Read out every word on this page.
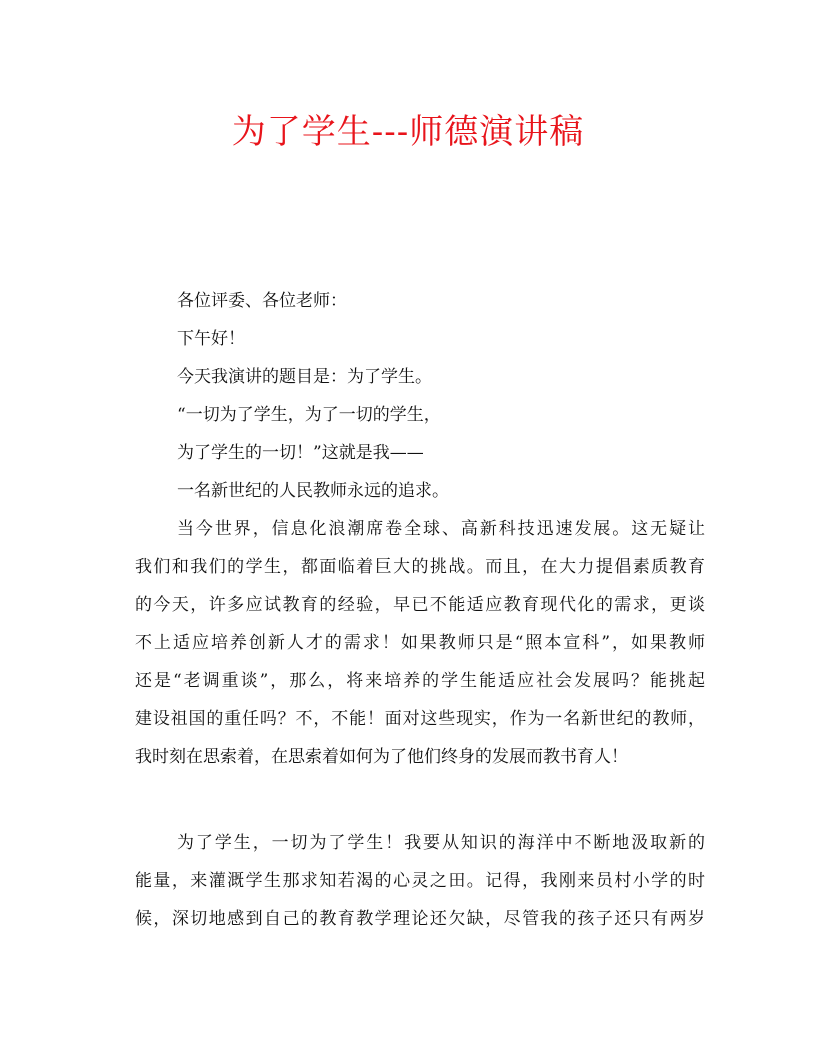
为了学生---师德演讲稿
各位评委、各位老师：
下午好！
今天我演讲的题目是：为了学生。
“一切为了学生，为了一切的学生，
为了学生的一切！”这就是我——
一名新世纪的人民教师永远的追求。
当今世界，信息化浪潮席卷全球、高新科技迅速发展。这无疑让
我们和我们的学生，都面临着巨大的挑战。而且，在大力提倡素质教育
的今天，许多应试教育的经验，早已不能适应教育现代化的需求，更谈
不上适应培养创新人才的需求！如果教师只是“照本宣科”，如果教师
还是“老调重谈”，那么，将来培养的学生能适应社会发展吗？能挑起
建设祖国的重任吗？不，不能！面对这些现实，作为一名新世纪的教师，
我时刻在思索着，在思索着如何为了他们终身的发展而教书育人！
为了学生，一切为了学生！我要从知识的海洋中不断地汲取新的
能量，来灌溉学生那求知若渴的心灵之田。记得，我刚来员村小学的时
候，深切地感到自己的教育教学理论还欠缺，尽管我的孩子还只有两岁
